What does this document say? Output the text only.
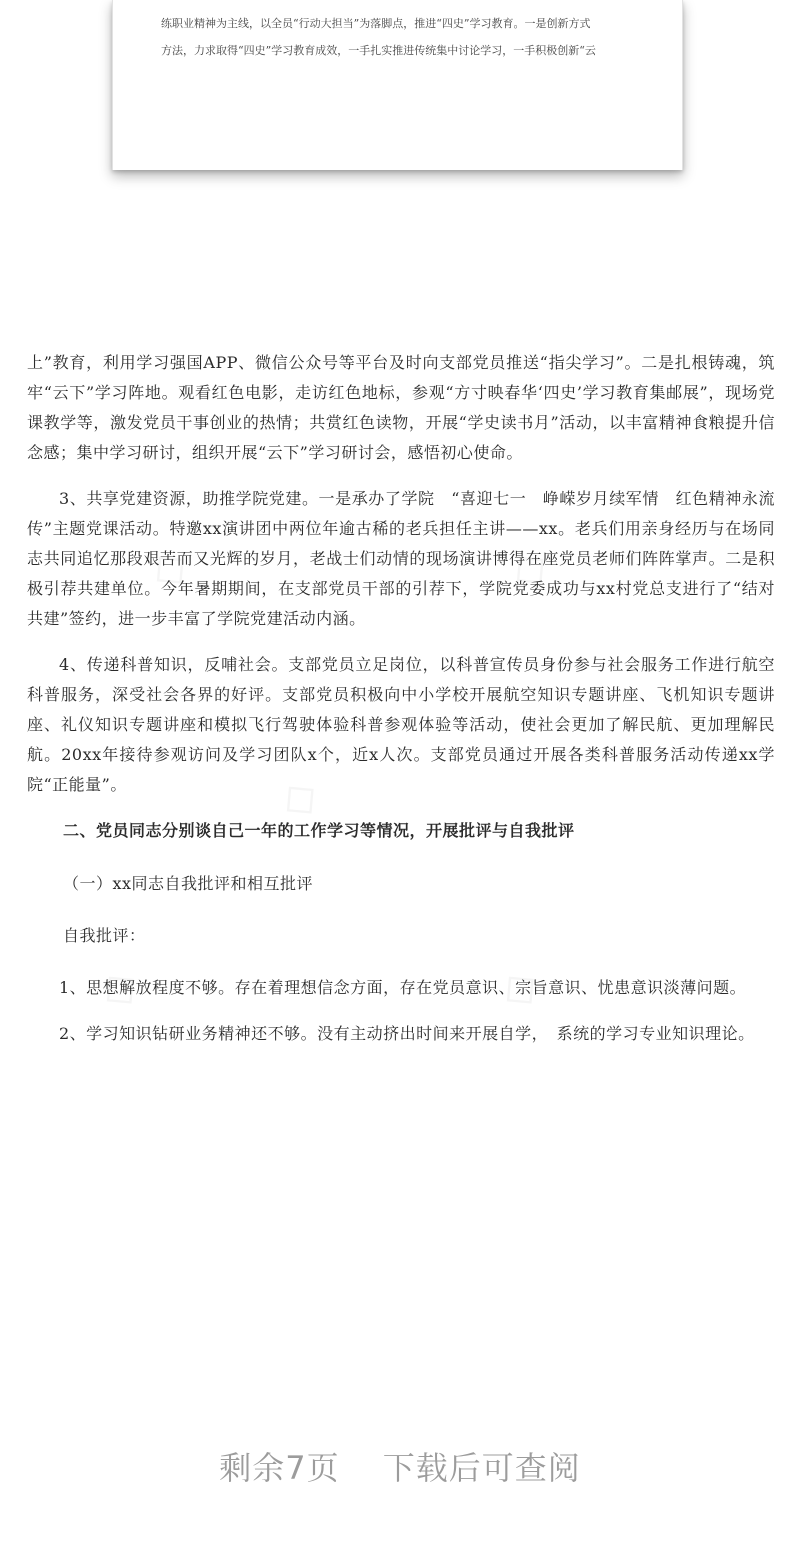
练职业精神为主线，以全员“行动大担当”为落脚点，推进“四史”学习教育。一是创新方式

方法，力求取得“四史”学习教育成效，一手扎实推进传统集中讨论学习，一手积极创新“云

上”教育，利用学习强国APP、微信公众号等平台及时向支部党员推送“指尖学习”。二是扎根铸魂，筑牢“云下”学习阵地。观看红色电影，走访红色地标，参观“方寸映春华‘四史’学习教育集邮展”，现场党课教学等，激发党员干事创业的热情；共赏红色读物，开展“学史读书月”活动，以丰富精神食粮提升信念感；集中学习研讨，组织开展“云下”学习研讨会，感悟初心使命。

3、共享党建资源，助推学院党建。一是承办了学院　“喜迎七一　峥嵘岁月续军情　红色精神永流传”主题党课活动。特邀xx演讲团中两位年逾古稀的老兵担任主讲——xx。老兵们用亲身经历与在场同志共同追忆那段艰苦而又光辉的岁月，老战士们动情的现场演讲博得在座党员老师们阵阵掌声。二是积极引荐共建单位。今年暑期期间，在支部党员干部的引荐下，学院党委成功与xx村党总支进行了“结对共建”签约，进一步丰富了学院党建活动内涵。

4、传递科普知识，反哺社会。支部党员立足岗位，以科普宣传员身份参与社会服务工作进行航空科普服务，深受社会各界的好评。支部党员积极向中小学校开展航空知识专题讲座、飞机知识专题讲座、礼仪知识专题讲座和模拟飞行驾驶体验科普参观体验等活动，使社会更加了解民航、更加理解民航。20xx年接待参观访问及学习团队x个，近x人次。支部党员通过开展各类科普服务活动传递xx学院“正能量”。

二、党员同志分别谈自己一年的工作学习等情况，开展批评与自我批评

（一）xx同志自我批评和相互批评

自我批评：

1、思想解放程度不够。存在着理想信念方面，存在党员意识、宗旨意识、忧患意识淡薄问题。

2、学习知识钻研业务精神还不够。没有主动挤出时间来开展自学，　系统的学习专业知识理论。

剩余7页 下载后可查阅
